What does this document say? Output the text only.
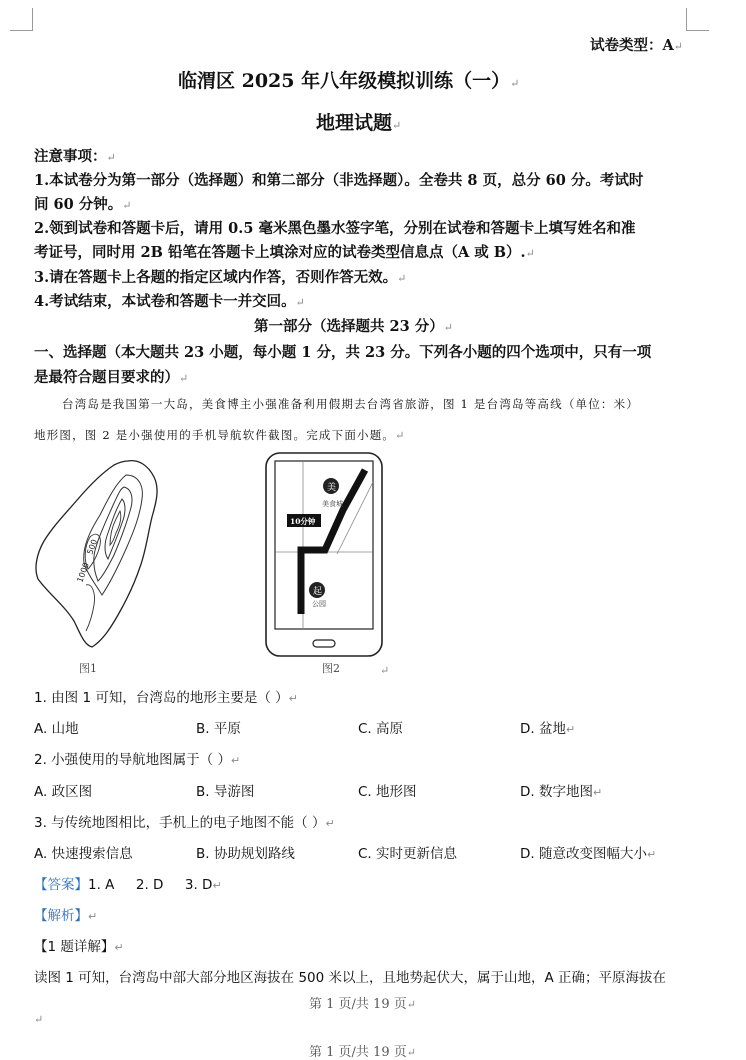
试卷类型：A↵
临渭区 2025 年八年级模拟训练（一）↵
地理试题↵
注意事项：↵
1.本试卷分为第一部分（选择题）和第二部分（非选择题）。全卷共 8 页，总分 60 分。考试时
间 60 分钟。↵
2.领到试卷和答题卡后，请用 0.5 毫米黑色墨水签字笔，分别在试卷和答题卡上填写姓名和准
考证号，同时用 2B 铅笔在答题卡上填涂对应的试卷类型信息点（A 或 B）.↵
3.请在答题卡上各题的指定区域内作答，否则作答无效。↵
4.考试结束，本试卷和答题卡一并交回。↵
第一部分（选择题共 23 分）↵
一、选择题（本大题共 23 小题，每小题 1 分，共 23 分。下列各小题的四个选项中，只有一项
是最符合题目要求的）↵
台湾岛是我国第一大岛，美食博主小强准备利用假期去台湾省旅游，图 1 是台湾岛等高线（单位：米）
地形图，图 2 是小强使用的手机导航软件截图。完成下面小题。↵
500
1000
图1
美
美食城
10分钟
起
公园
图2	↵
1. 由图 1 可知，台湾岛的地形主要是（ ）↵
A. 山地	B. 平原	C. 高原	D. 盆地↵
2. 小强使用的导航地图属于（ ）↵
A. 政区图	B. 导游图	C. 地形图	D. 数字地图↵
3. 与传统地图相比，手机上的电子地图不能（ ）↵
A. 快速搜索信息	B. 协助规划路线	C. 实时更新信息	D. 随意改变图幅大小↵
【答案】1. A     2. D     3. D↵
【解析】↵
【1 题详解】↵
读图 1 可知，台湾岛中部大部分地区海拔在 500 米以上，且地势起伏大，属于山地，A 正确；平原海拔在
第 1 页/共 19 页↵
↵
第 1 页/共 19 页↵
